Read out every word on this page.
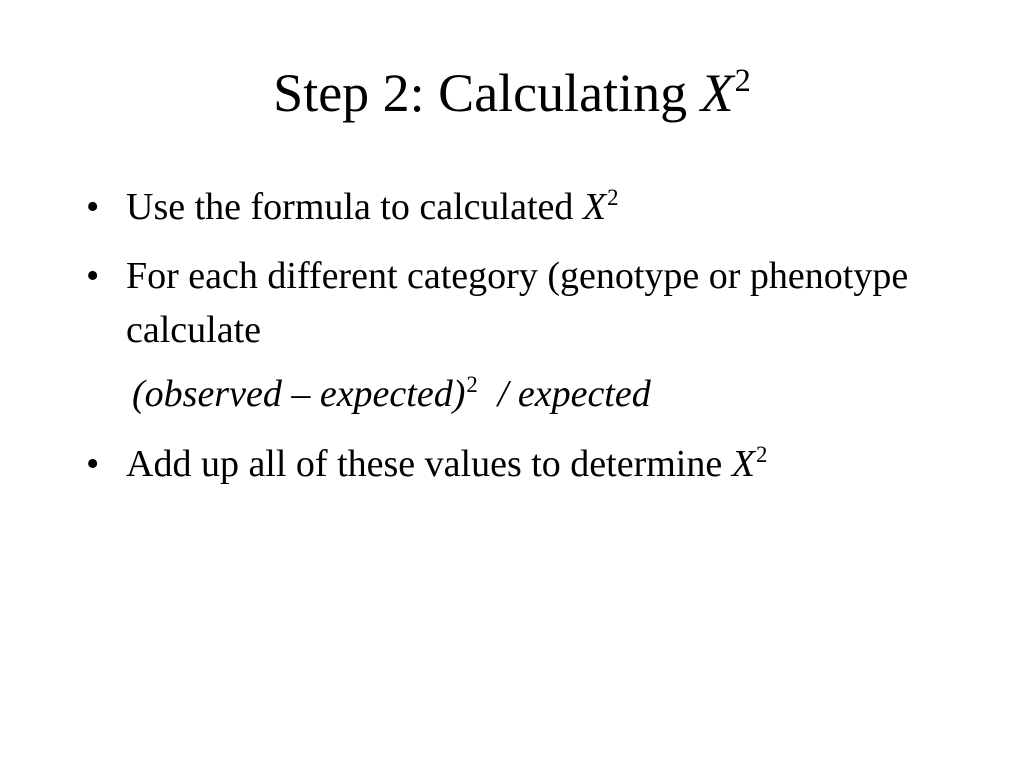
Step 2: Calculating $X^2$
• Use the formula to calculated $X^2$
• For each different category (genotype or phenotype calculate
(observed – expected)$^2$ / expected
• Add up all of these values to determine $X^2$
